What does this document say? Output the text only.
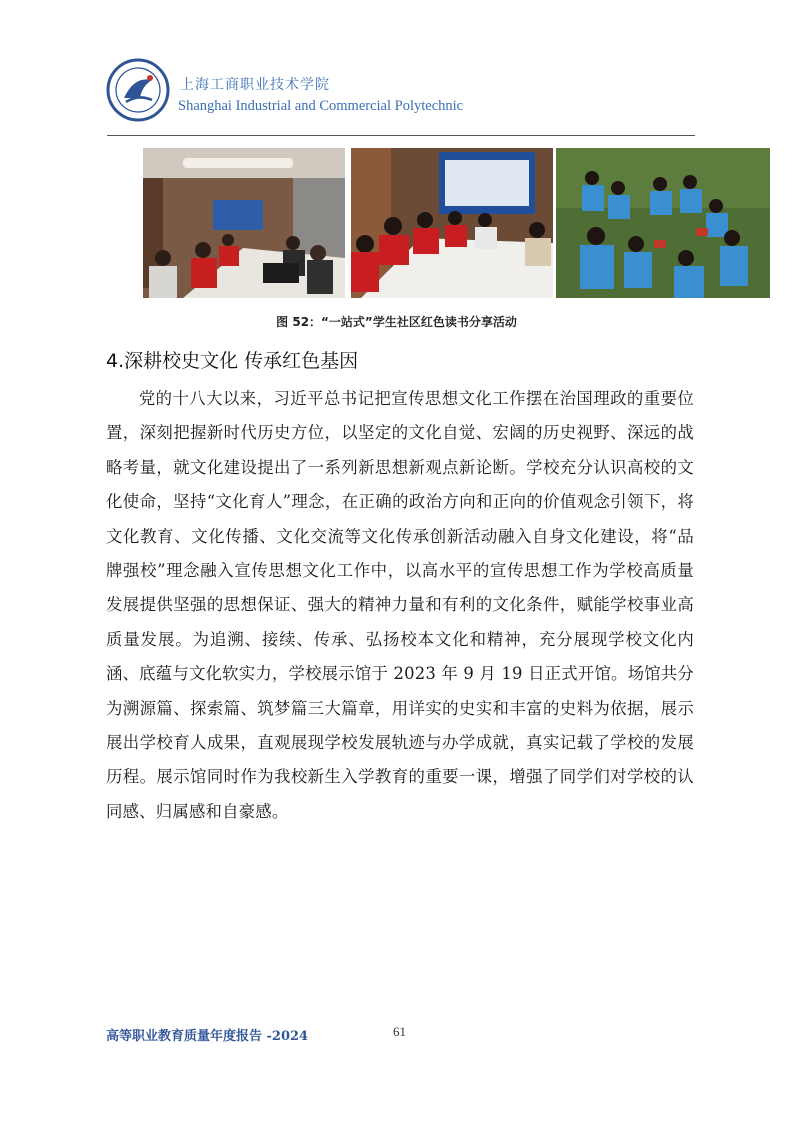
上海工商职业技术学院
Shanghai Industrial and Commercial Polytechnic
图 52：“一站式”学生社区红色读书分享活动
4.深耕校史文化 传承红色基因
党的十八大以来，习近平总书记把宣传思想文化工作摆在治国理政的重要位置，深刻把握新时代历史方位，以坚定的文化自觉、宏阔的历史视野、深远的战略考量，就文化建设提出了一系列新思想新观点新论断。学校充分认识高校的文化使命，坚持“文化育人”理念，在正确的政治方向和正向的价值观念引领下，将文化教育、文化传播、文化交流等文化传承创新活动融入自身文化建设，将“品牌强校”理念融入宣传思想文化工作中，以高水平的宣传思想工作为学校高质量发展提供坚强的思想保证、强大的精神力量和有利的文化条件，赋能学校事业高质量发展。为追溯、接续、传承、弘扬校本文化和精神，充分展现学校文化内涵、底蕴与文化软实力，学校展示馆于 2023 年 9 月 19 日正式开馆。场馆共分为溯源篇、探索篇、筑梦篇三大篇章，用详实的史实和丰富的史料为依据，展示展出学校育人成果，直观展现学校发展轨迹与办学成就，真实记载了学校的发展历程。展示馆同时作为我校新生入学教育的重要一课，增强了同学们对学校的认同感、归属感和自豪感。
高等职业教育质量年度报告 -2024	61
